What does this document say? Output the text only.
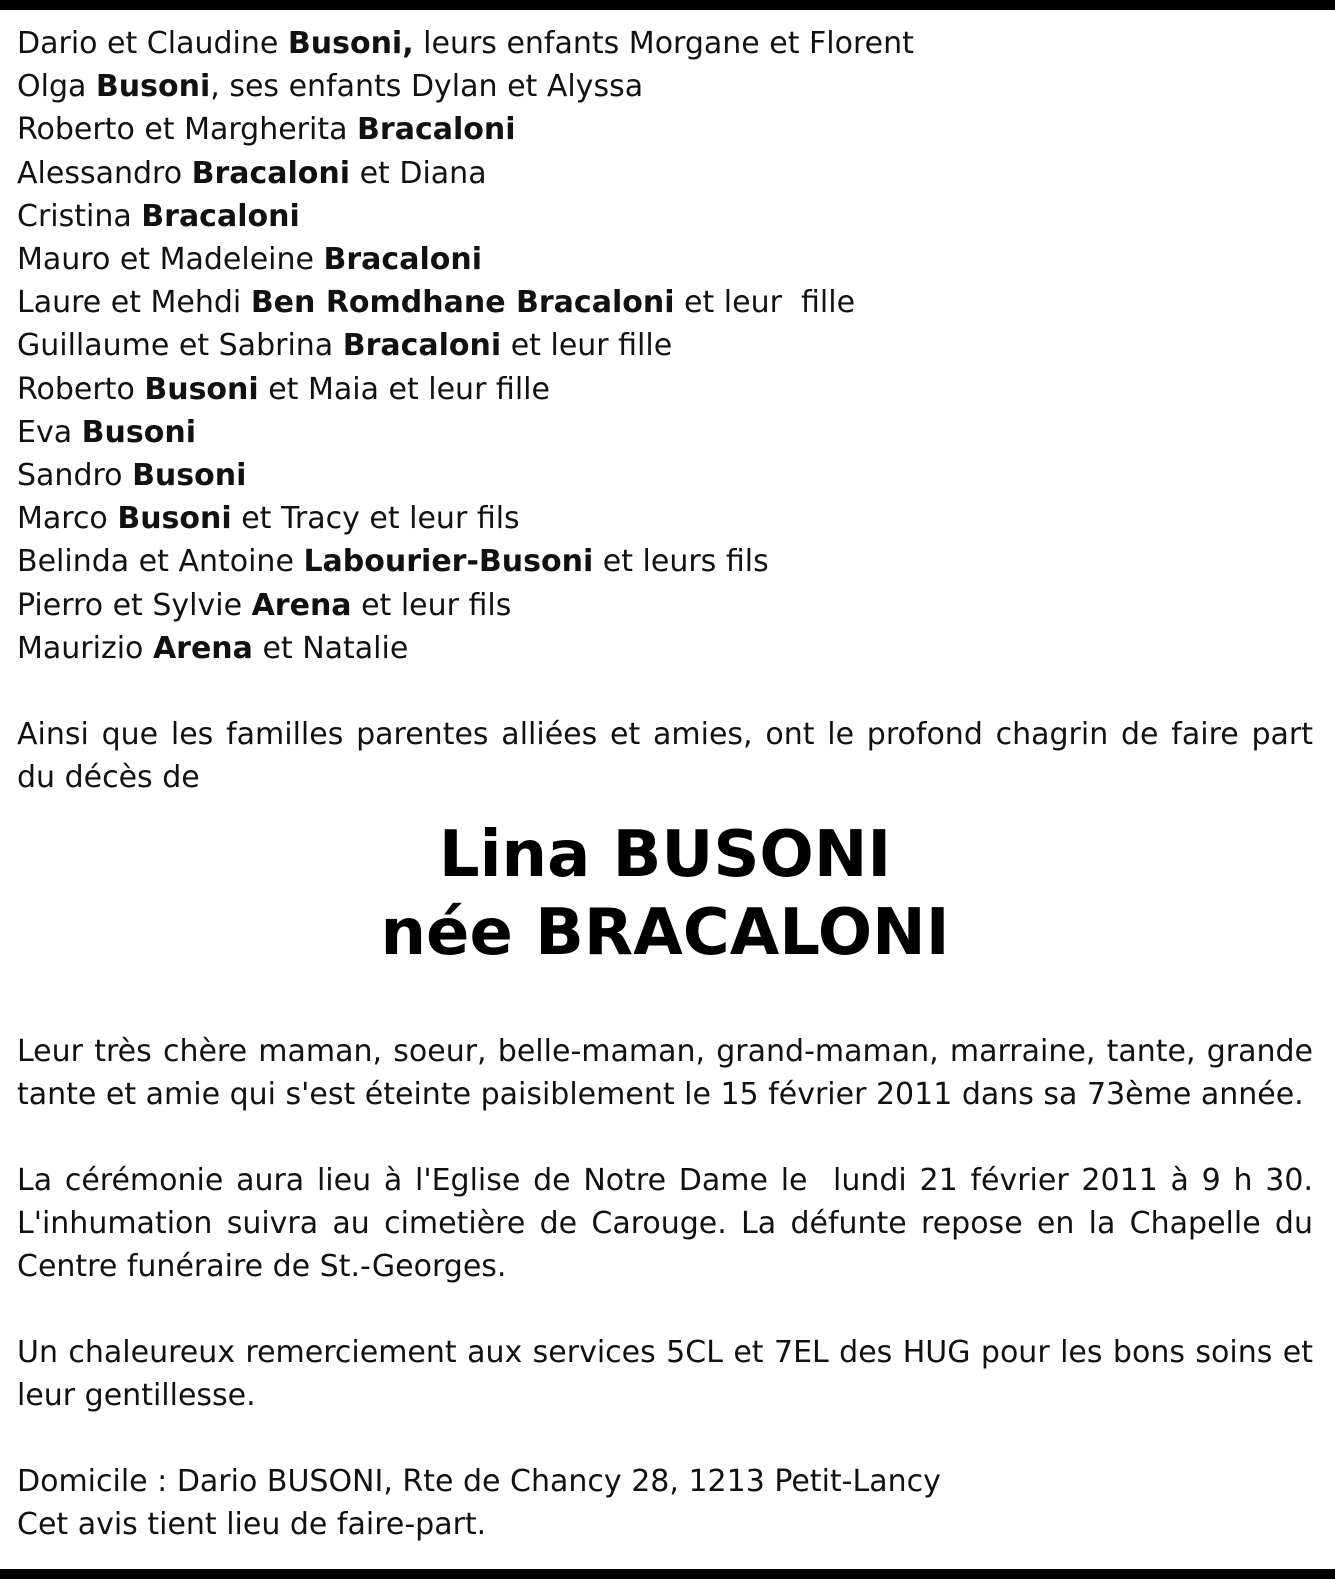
Dario et Claudine Busoni, leurs enfants Morgane et Florent
Olga Busoni, ses enfants Dylan et Alyssa
Roberto et Margherita Bracaloni
Alessandro Bracaloni et Diana
Cristina Bracaloni
Mauro et Madeleine Bracaloni
Laure et Mehdi Ben Romdhane Bracaloni et leur  fille
Guillaume et Sabrina Bracaloni et leur fille
Roberto Busoni et Maia et leur fille
Eva Busoni
Sandro Busoni
Marco Busoni et Tracy et leur fils
Belinda et Antoine Labourier-Busoni et leurs fils
Pierro et Sylvie Arena et leur fils
Maurizio Arena et Natalie
Ainsi que les familles parentes alliées et amies, ont le profond chagrin de faire part du décès de
Lina BUSONI
née BRACALONI
Leur très chère maman, soeur, belle-maman, grand-maman, marraine, tante, grande tante et amie qui s'est éteinte paisiblement le 15 février 2011 dans sa 73ème année.
La cérémonie aura lieu à l'Eglise de Notre Dame le  lundi 21 février 2011 à 9 h 30. L'inhumation suivra au cimetière de Carouge. La défunte repose en la Chapelle du Centre funéraire de St.-Georges.
Un chaleureux remerciement aux services 5CL et 7EL des HUG pour les bons soins et leur gentillesse.
Domicile : Dario BUSONI, Rte de Chancy 28, 1213 Petit-Lancy
Cet avis tient lieu de faire-part.
